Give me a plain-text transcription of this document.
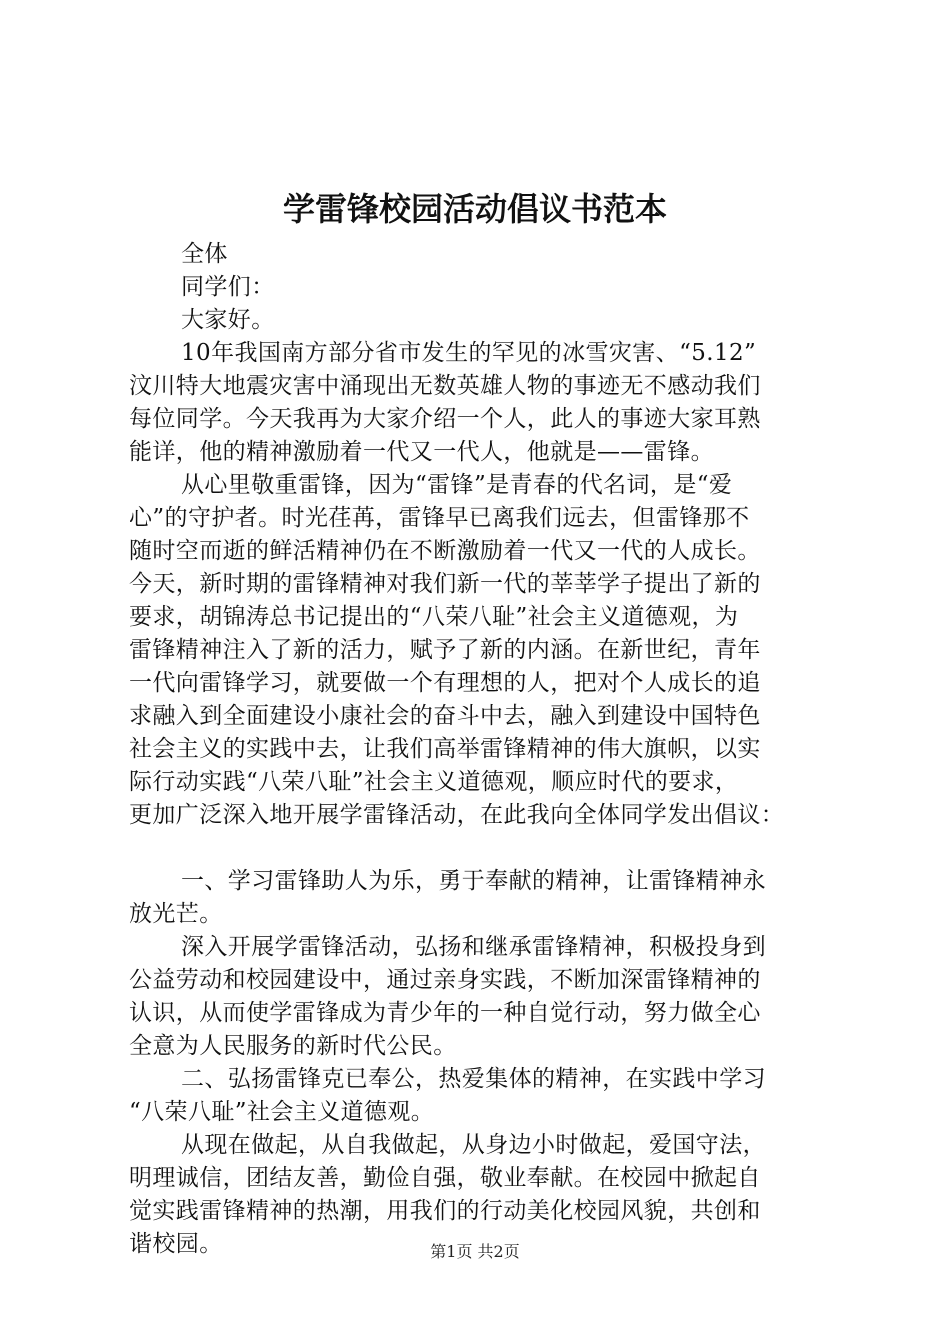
学雷锋校园活动倡议书范本
全体
同学们：
大家好。
10年我国南方部分省市发生的罕见的冰雪灾害、“5.12”
汶川特大地震灾害中涌现出无数英雄人物的事迹无不感动我们
每位同学。今天我再为大家介绍一个人，此人的事迹大家耳熟
能详，他的精神激励着一代又一代人，他就是——雷锋。
从心里敬重雷锋，因为“雷锋”是青春的代名词，是“爱
心”的守护者。时光荏苒，雷锋早已离我们远去，但雷锋那不
随时空而逝的鲜活精神仍在不断激励着一代又一代的人成长。
今天，新时期的雷锋精神对我们新一代的莘莘学子提出了新的
要求，胡锦涛总书记提出的“八荣八耻”社会主义道德观，为
雷锋精神注入了新的活力，赋予了新的内涵。在新世纪，青年
一代向雷锋学习，就要做一个有理想的人，把对个人成长的追
求融入到全面建设小康社会的奋斗中去，融入到建设中国特色
社会主义的实践中去，让我们高举雷锋精神的伟大旗帜，以实
际行动实践“八荣八耻”社会主义道德观，顺应时代的要求，
更加广泛深入地开展学雷锋活动，在此我向全体同学发出倡议：
一、学习雷锋助人为乐，勇于奉献的精神，让雷锋精神永
放光芒。
深入开展学雷锋活动，弘扬和继承雷锋精神，积极投身到
公益劳动和校园建设中，通过亲身实践，不断加深雷锋精神的
认识，从而使学雷锋成为青少年的一种自觉行动，努力做全心
全意为人民服务的新时代公民。
二、弘扬雷锋克已奉公，热爱集体的精神，在实践中学习
“八荣八耻”社会主义道德观。
从现在做起，从自我做起，从身边小时做起，爱国守法，
明理诚信，团结友善，勤俭自强，敬业奉献。在校园中掀起自
觉实践雷锋精神的热潮，用我们的行动美化校园风貌，共创和
谐校园。	第1页 共2页
